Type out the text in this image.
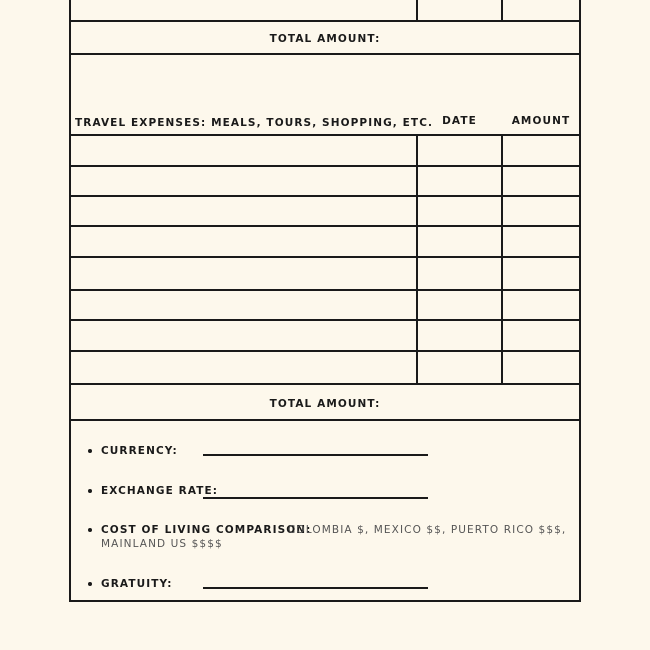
TOTAL AMOUNT:
TRAVEL EXPENSES: MEALS, TOURS, SHOPPING, ETC. DATE	AMOUNT
TOTAL AMOUNT:
CURRENCY:
EXCHANGE RATE:
COST OF LIVING COMPARISON:
COLOMBIA $, MEXICO $$, PUERTO RICO $$$,
MAINLAND US $$$$
GRATUITY:
